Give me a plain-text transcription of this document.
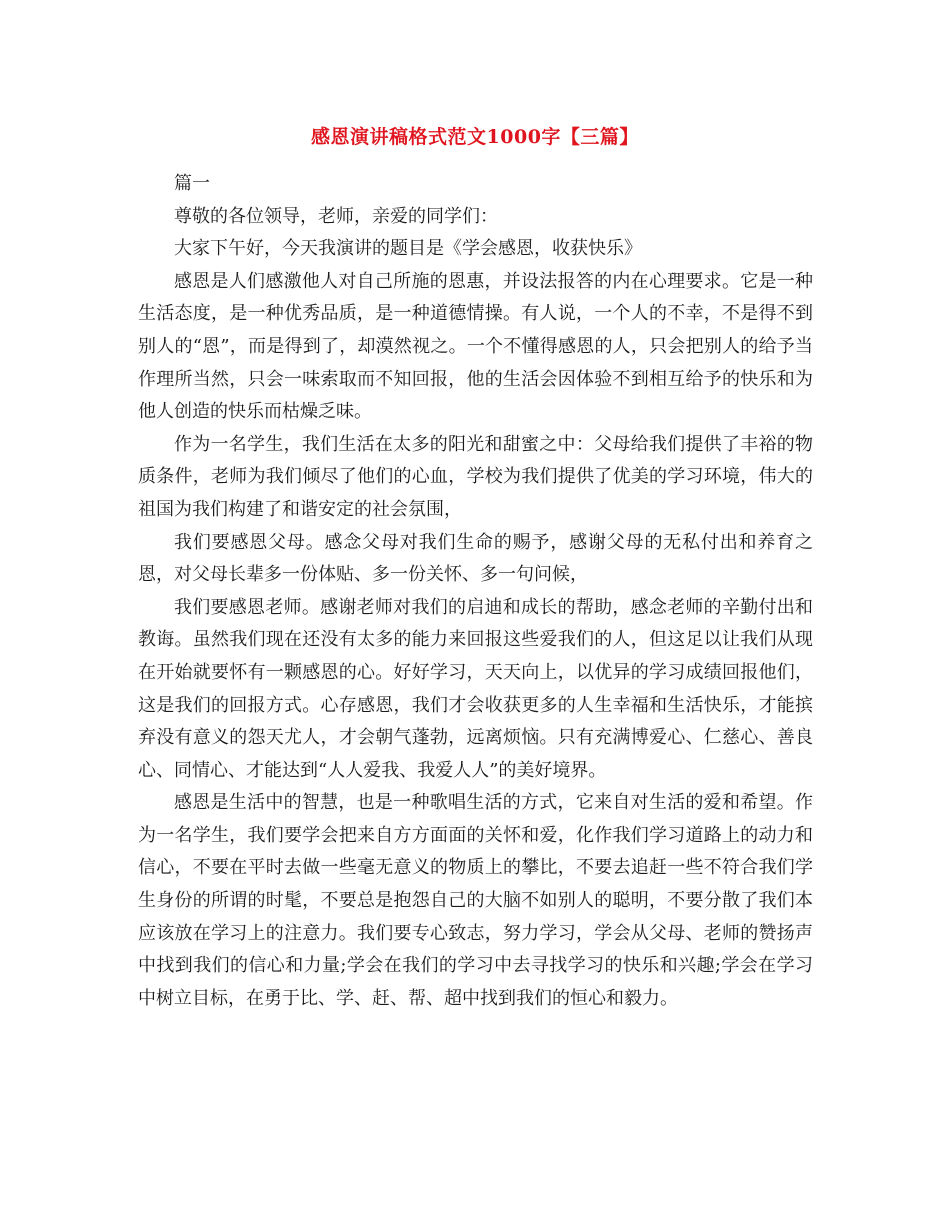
感恩演讲稿格式范文1000字【三篇】

篇一

尊敬的各位领导，老师，亲爱的同学们：

大家下午好，今天我演讲的题目是《学会感恩，收获快乐》

感恩是人们感激他人对自己所施的恩惠，并设法报答的内在心理要求。它是一种生活态度，是一种优秀品质，是一种道德情操。有人说，一个人的不幸，不是得不到别人的“恩”，而是得到了，却漠然视之。一个不懂得感恩的人，只会把别人的给予当作理所当然，只会一味索取而不知回报，他的生活会因体验不到相互给予的快乐和为他人创造的快乐而枯燥乏味。

作为一名学生，我们生活在太多的阳光和甜蜜之中：父母给我们提供了丰裕的物质条件，老师为我们倾尽了他们的心血，学校为我们提供了优美的学习环境，伟大的祖国为我们构建了和谐安定的社会氛围，

我们要感恩父母。感念父母对我们生命的赐予，感谢父母的无私付出和养育之恩，对父母长辈多一份体贴、多一份关怀、多一句问候，

我们要感恩老师。感谢老师对我们的启迪和成长的帮助，感念老师的辛勤付出和教诲。虽然我们现在还没有太多的能力来回报这些爱我们的人，但这足以让我们从现在开始就要怀有一颗感恩的心。好好学习，天天向上，以优异的学习成绩回报他们，这是我们的回报方式。心存感恩，我们才会收获更多的人生幸福和生活快乐，才能摈弃没有意义的怨天尤人，才会朝气蓬勃，远离烦恼。只有充满博爱心、仁慈心、善良心、同情心、才能达到“人人爱我、我爱人人”的美好境界。

感恩是生活中的智慧，也是一种歌唱生活的方式，它来自对生活的爱和希望。作为一名学生，我们要学会把来自方方面面的关怀和爱，化作我们学习道路上的动力和信心，不要在平时去做一些毫无意义的物质上的攀比，不要去追赶一些不符合我们学生身份的所谓的时髦，不要总是抱怨自己的大脑不如别人的聪明，不要分散了我们本应该放在学习上的注意力。我们要专心致志，努力学习，学会从父母、老师的赞扬声中找到我们的信心和力量;学会在我们的学习中去寻找学习的快乐和兴趣;学会在学习中树立目标，在勇于比、学、赶、帮、超中找到我们的恒心和毅力。
